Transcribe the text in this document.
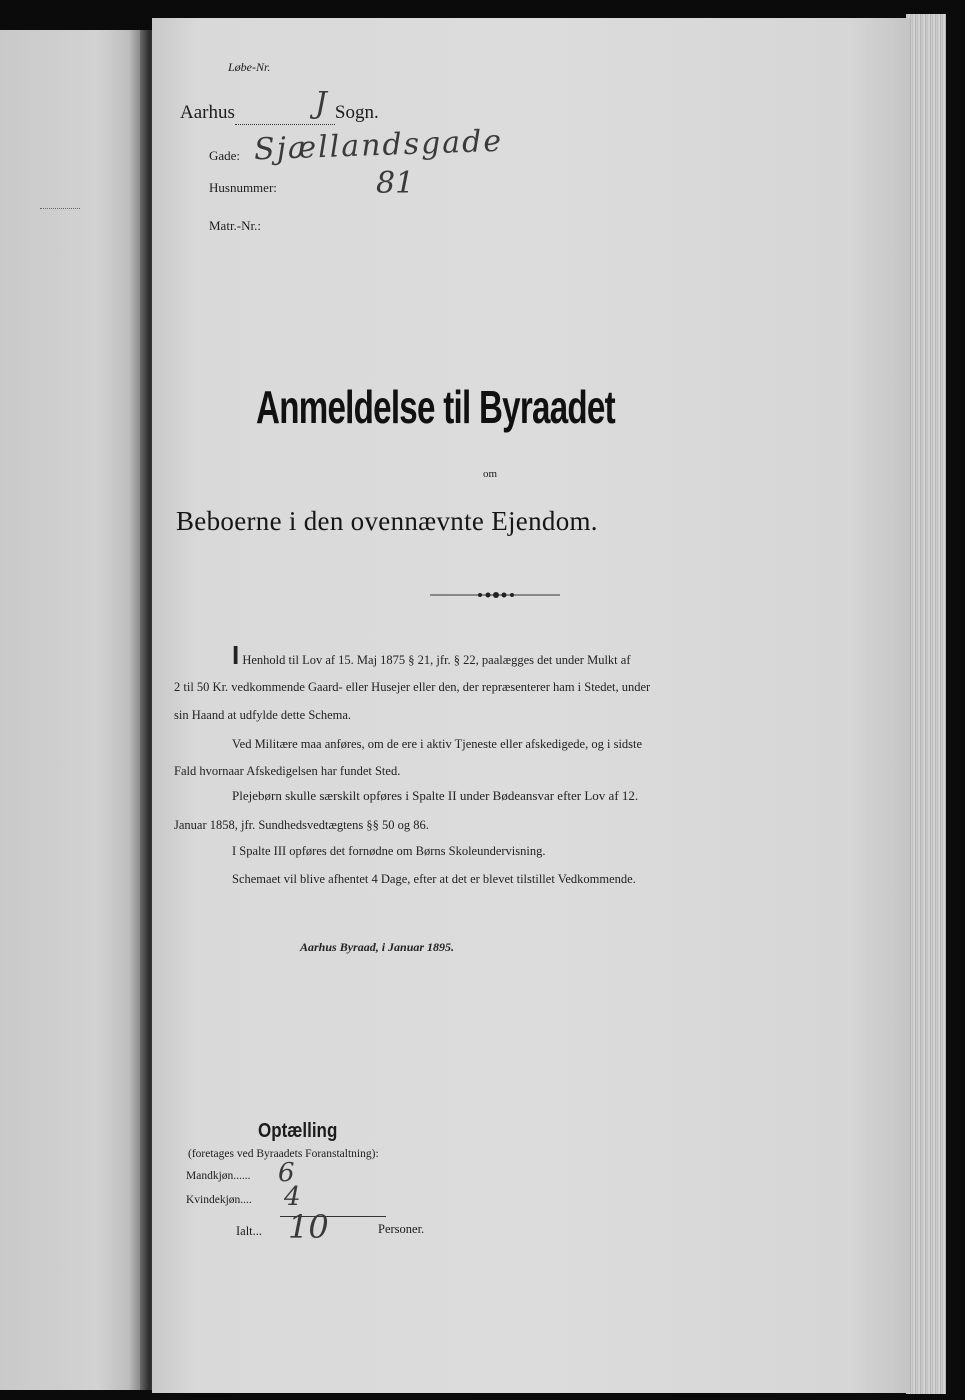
Løbe-Nr.
Aarhus	J Sogn.
Gade: Sjællandsgade
Husnummer:	81
Matr.-Nr.:
Anmeldelse til Byraadet
om
Beboerne i den ovennævnte Ejendom.
I Henhold til Lov af 15. Maj 1875 § 21, jfr. § 22, paalægges det under Mulkt af
2 til 50 Kr. vedkommende Gaard- eller Husejer eller den, der repræsenterer ham i Stedet, under
sin Haand at udfylde dette Schema.
Ved Militære maa anføres, om de ere i aktiv Tjeneste eller afskedigede, og i sidste
Fald hvornaar Afskedigelsen har fundet Sted.
Plejebørn skulle særskilt opføres i Spalte II under Bødeansvar efter Lov af 12.
Januar 1858, jfr. Sundhedsvedtægtens §§ 50 og 86.
I Spalte III opføres det fornødne om Børns Skoleundervisning.
Schemaet vil blive afhentet 4 Dage, efter at det er blevet tilstillet Vedkommende.
Aarhus Byraad, i Januar 1895.
Optælling
(foretages ved Byraadets Foranstaltning):
Mandkjøn...... 6
Kvindekjøn.... 4
Ialt... 10	Personer.
